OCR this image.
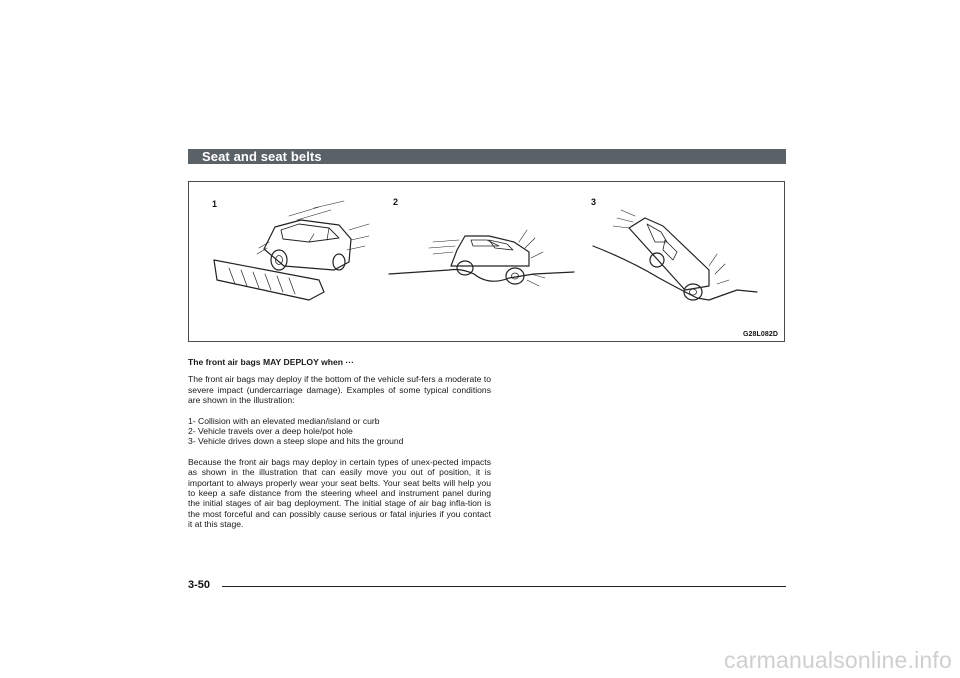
Seat and seat belts
1	2	3
G28L082D

The front air bags MAY DEPLOY when ···

The front air bags may deploy if the bottom of the vehicle suf-fers a moderate to severe impact (undercarriage damage). Examples of some typical conditions are shown in the illustration:

1- Collision with an elevated median/island or curb
2- Vehicle travels over a deep hole/pot hole
3- Vehicle drives down a steep slope and hits the ground

Because the front air bags may deploy in certain types of unex-pected impacts as shown in the illustration that can easily move you out of position, it is important to always properly wear your seat belts. Your seat belts will help you to keep a safe distance from the steering wheel and instrument panel during the initial stages of air bag deployment. The initial stage of air bag infla-tion is the most forceful and can possibly cause serious or fatal injuries if you contact it at this stage.

3-50
carmanualsonline.info
